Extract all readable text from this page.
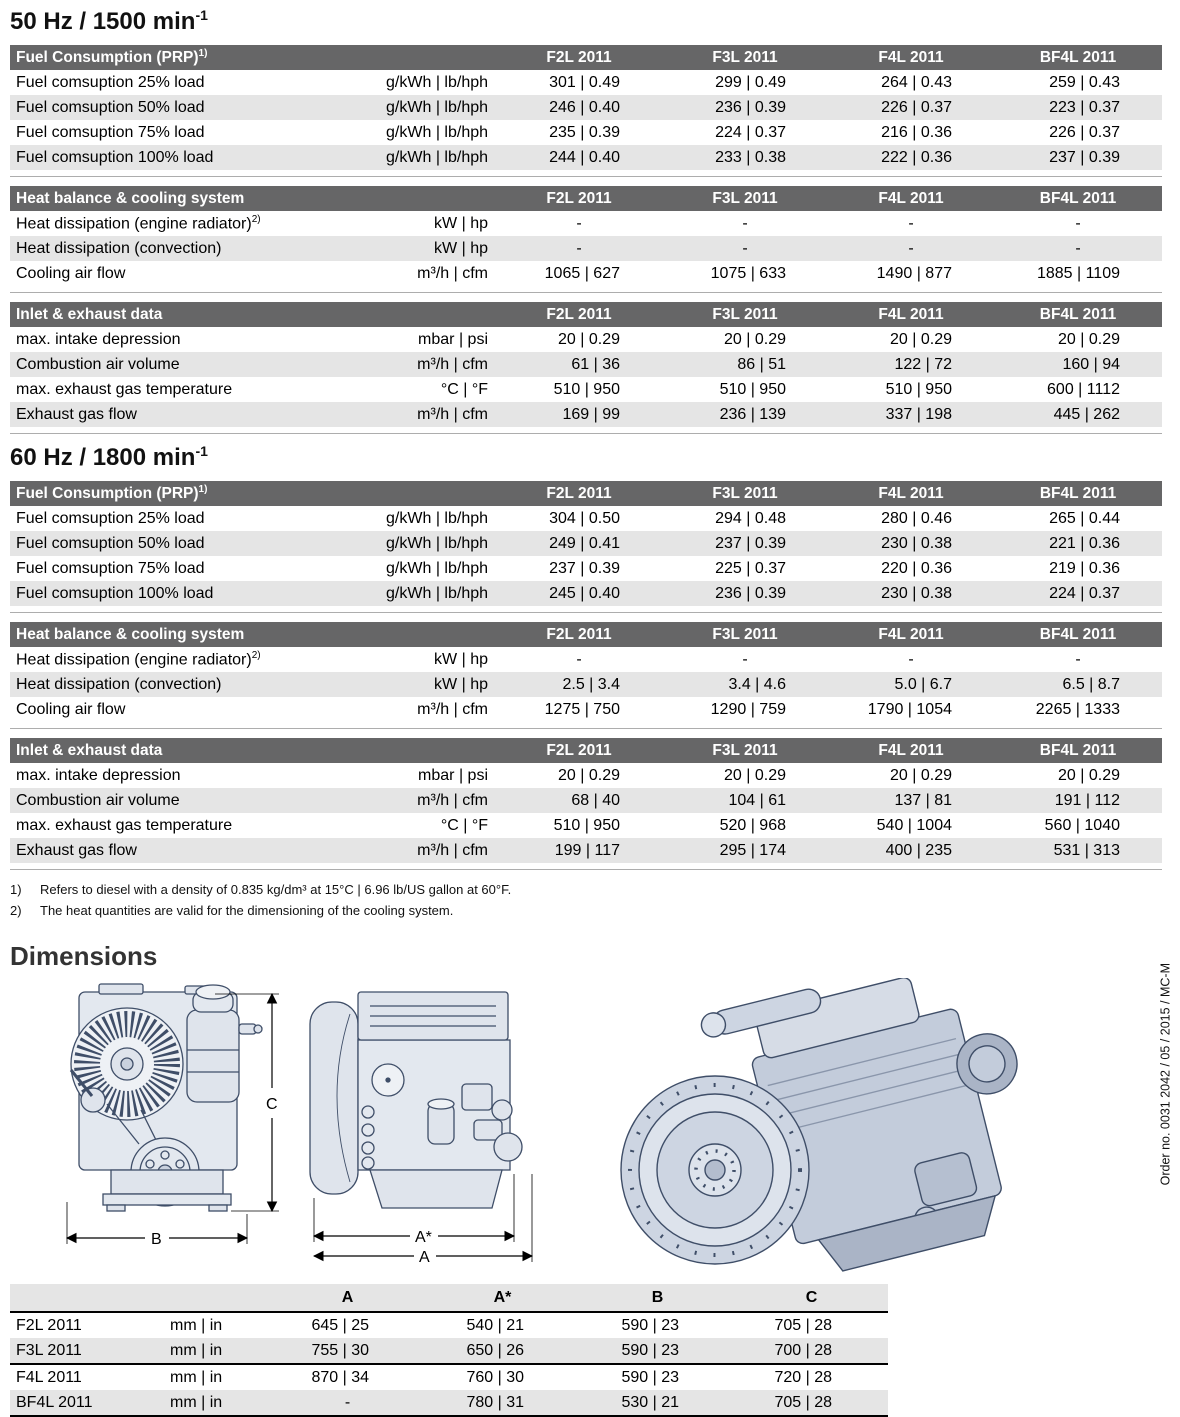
50 Hz / 1500 $\min^{-1}$
Fuel Consumption (PRP)$^{1)}$		F2L 2011	F3L 2011	F4L 2011	BF4L 2011
Fuel comsuption 25% load	g/kWh | lb/hph	301 | 0.49	299 | 0.49	264 | 0.43	259 | 0.43
Fuel comsuption 50% load	g/kWh | lb/hph	246 | 0.40	236 | 0.39	226 | 0.37	223 | 0.37
Fuel comsuption 75% load	g/kWh | lb/hph	235 | 0.39	224 | 0.37	216 | 0.36	226 | 0.37
Fuel comsuption 100% load	g/kWh | lb/hph	244 | 0.40	233 | 0.38	222 | 0.36	237 | 0.39
Heat balance & cooling system		F2L 2011	F3L 2011	F4L 2011	BF4L 2011
Heat dissipation (engine radiator)$^{2)}$	kW | hp	-	-	-	-
Heat dissipation (convection)	kW | hp	-	-	-	-
Cooling air flow	m³/h | cfm	1065 | 627	1075 | 633	1490 | 877	1885 | 1109
Inlet & exhaust data		F2L 2011	F3L 2011	F4L 2011	BF4L 2011
max. intake depression	mbar | psi	20 | 0.29	20 | 0.29	20 | 0.29	20 | 0.29
Combustion air volume	m³/h | cfm	61 | 36	86 | 51	122 | 72	160 | 94
max. exhaust gas temperature	°C | °F	510 | 950	510 | 950	510 | 950	600 | 1112
Exhaust gas flow	m³/h | cfm	169 | 99	236 | 139	337 | 198	445 | 262
60 Hz / 1800 $\min^{-1}$
Fuel Consumption (PRP)$^{1)}$		F2L 2011	F3L 2011	F4L 2011	BF4L 2011
Fuel comsuption 25% load	g/kWh | lb/hph	304 | 0.50	294 | 0.48	280 | 0.46	265 | 0.44
Fuel comsuption 50% load	g/kWh | lb/hph	249 | 0.41	237 | 0.39	230 | 0.38	221 | 0.36
Fuel comsuption 75% load	g/kWh | lb/hph	237 | 0.39	225 | 0.37	220 | 0.36	219 | 0.36
Fuel comsuption 100% load	g/kWh | lb/hph	245 | 0.40	236 | 0.39	230 | 0.38	224 | 0.37
Heat balance & cooling system		F2L 2011	F3L 2011	F4L 2011	BF4L 2011
Heat dissipation (engine radiator)$^{2)}$	kW | hp	-	-	-	-
Heat dissipation (convection)	kW | hp	2.5 | 3.4	3.4 | 4.6	5.0 | 6.7	6.5 | 8.7
Cooling air flow	m³/h | cfm	1275 | 750	1290 | 759	1790 | 1054	2265 | 1333
Inlet & exhaust data		F2L 2011	F3L 2011	F4L 2011	BF4L 2011
max. intake depression	mbar | psi	20 | 0.29	20 | 0.29	20 | 0.29	20 | 0.29
Combustion air volume	m³/h | cfm	68 | 40	104 | 61	137 | 81	191 | 112
max. exhaust gas temperature	°C | °F	510 | 950	520 | 968	540 | 1004	560 | 1040
Exhaust gas flow	m³/h | cfm	199 | 117	295 | 174	400 | 235	531 | 313
1) Refers to diesel with a density of 0.835 kg/dm³ at 15°C | 6.96 lb/US gallon at 60°F.
2) The heat quantities are valid for the dimensioning of the cooling system.
Dimensions
C
B	A*
A
		A	A*	B	C
F2L 2011	mm | in	645 | 25	540 | 21	590 | 23	705 | 28
F3L 2011	mm | in	755 | 30	650 | 26	590 | 23	700 | 28
F4L 2011	mm | in	870 | 34	760 | 30	590 | 23	720 | 28
BF4L 2011	mm | in	-	780 | 31	530 | 21	705 | 28
Order no. 0031 2042 / 05 / 2015 / MC-M
